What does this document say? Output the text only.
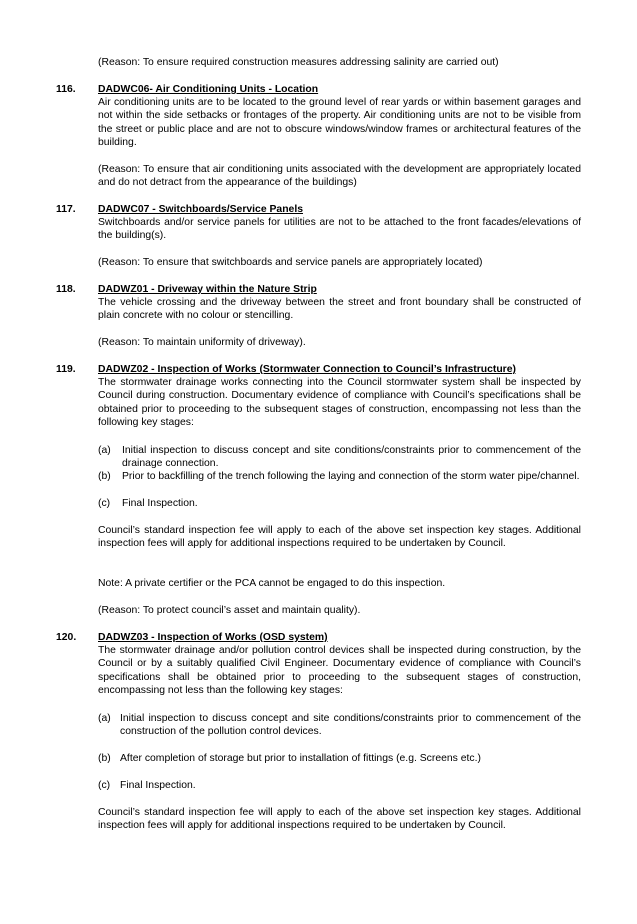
(Reason: To ensure required construction measures addressing salinity are carried out)

116. DADWC06- Air Conditioning Units - Location

Air conditioning units are to be located to the ground level of rear yards or within basement garages and not within the side setbacks or frontages of the property. Air conditioning units are not to be visible from the street or public place and are not to obscure windows/window frames or architectural features of the building.

(Reason: To ensure that air conditioning units associated with the development are appropriately located and do not detract from the appearance of the buildings)

117. DADWC07 - Switchboards/Service Panels

Switchboards and/or service panels for utilities are not to be attached to the front facades/elevations of the building(s).

(Reason: To ensure that switchboards and service panels are appropriately located)

118. DADWZ01 - Driveway within the Nature Strip

The vehicle crossing and the driveway between the street and front boundary shall be constructed of plain concrete with no colour or stencilling.

(Reason: To maintain uniformity of driveway).

119. DADWZ02 - Inspection of Works (Stormwater Connection to Council’s Infrastructure)

The stormwater drainage works connecting into the Council stormwater system shall be inspected by Council during construction. Documentary evidence of compliance with Council’s specifications shall be obtained prior to proceeding to the subsequent stages of construction, encompassing not less than the following key stages:

(a) Initial inspection to discuss concept and site conditions/constraints prior to commencement of the drainage connection.
(b) Prior to backfilling of the trench following the laying and connection of the storm water pipe/channel.
(c) Final Inspection.

Council’s standard inspection fee will apply to each of the above set inspection key stages. Additional inspection fees will apply for additional inspections required to be undertaken by Council.

Note: A private certifier or the PCA cannot be engaged to do this inspection.

(Reason: To protect council’s asset and maintain quality).

120. DADWZ03 - Inspection of Works (OSD system)

The stormwater drainage and/or pollution control devices shall be inspected during construction, by the Council or by a suitably qualified Civil Engineer. Documentary evidence of compliance with Council’s specifications shall be obtained prior to proceeding to the subsequent stages of construction, encompassing not less than the following key stages:

(a) Initial inspection to discuss concept and site conditions/constraints prior to commencement of the construction of the pollution control devices.
(b) After completion of storage but prior to installation of fittings (e.g. Screens etc.)
(c) Final Inspection.

Council’s standard inspection fee will apply to each of the above set inspection key stages. Additional inspection fees will apply for additional inspections required to be undertaken by Council.
